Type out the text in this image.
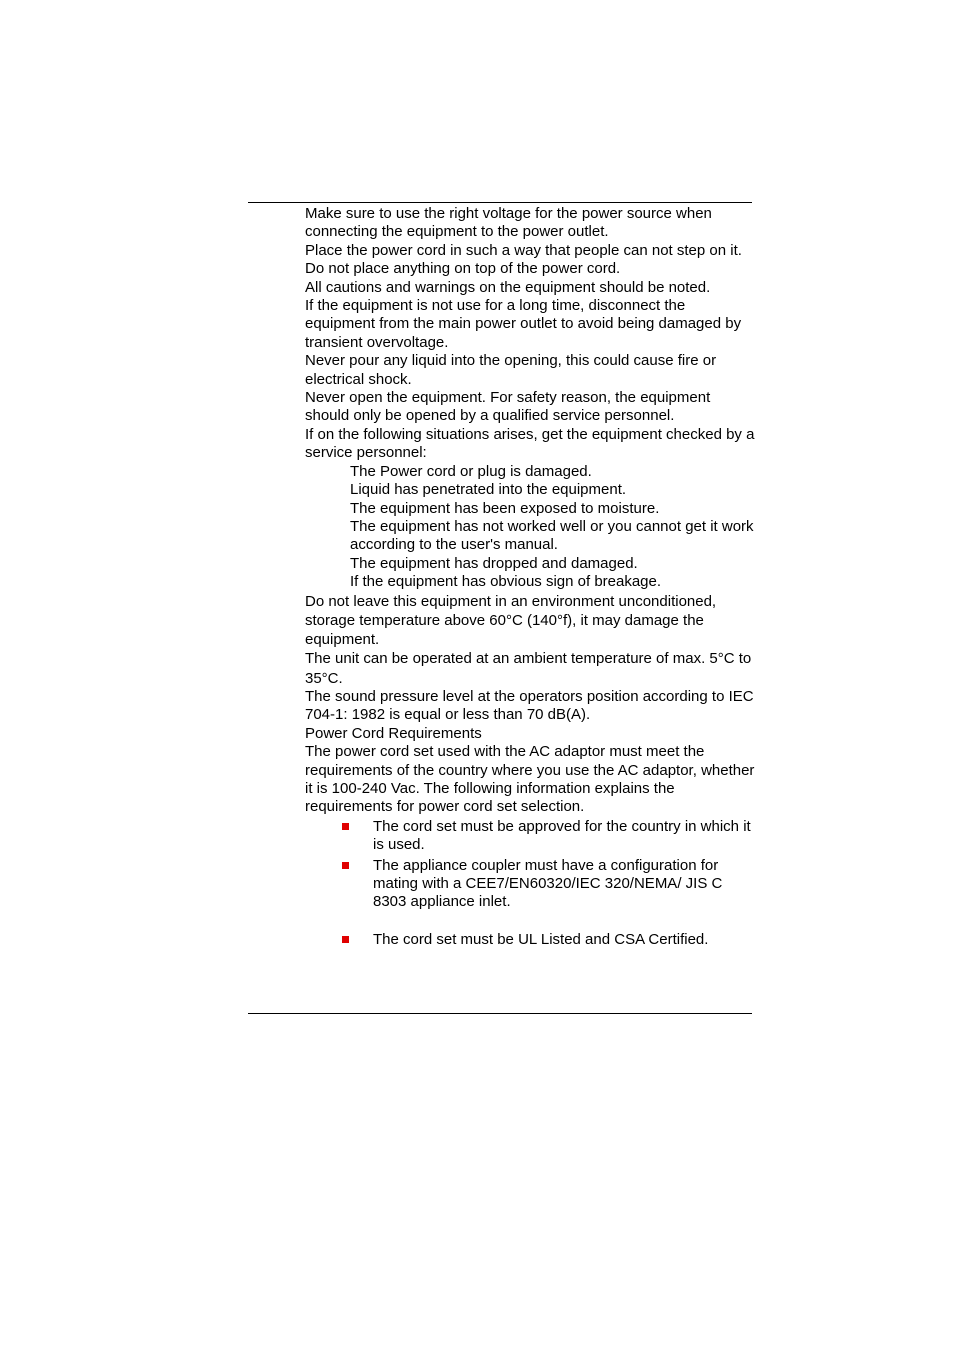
Make sure to use the right voltage for the power source when connecting the equipment to the power outlet.

Place the power cord in such a way that people can not step on it. Do not place anything on top of the power cord.

All cautions and warnings on the equipment should be noted.

If the equipment is not use for a long time, disconnect the equipment from the main power outlet to avoid being damaged by transient overvoltage.

Never pour any liquid into the opening, this could cause fire or electrical shock.

Never open the equipment. For safety reason, the equipment should only be opened by a qualified service personnel.

If on the following situations arises, get the equipment checked by a service personnel:

The Power cord or plug is damaged.
Liquid has penetrated into the equipment.
The equipment has been exposed to moisture.
The equipment has not worked well or you cannot get it work according to the user's manual.
The equipment has dropped and damaged.
If the equipment has obvious sign of breakage.

Do not leave this equipment in an environment unconditioned, storage temperature above 60°C (140°f), it may damage the equipment.

The unit can be operated at an ambient temperature of max. 5°C to 35°C.

The sound pressure level at the operators position according to IEC 704-1: 1982 is equal or less than 70 dB(A).

Power Cord Requirements

The power cord set used with the AC adaptor must meet the requirements of the country where you use the AC adaptor, whether it is 100-240 Vac. The following information explains the requirements for power cord set selection.

The cord set must be approved for the country in which it is used.
The appliance coupler must have a configuration for mating with a CEE7/EN60320/IEC 320/NEMA/ JIS C 8303 appliance inlet.
The cord set must be UL Listed and CSA Certified.
